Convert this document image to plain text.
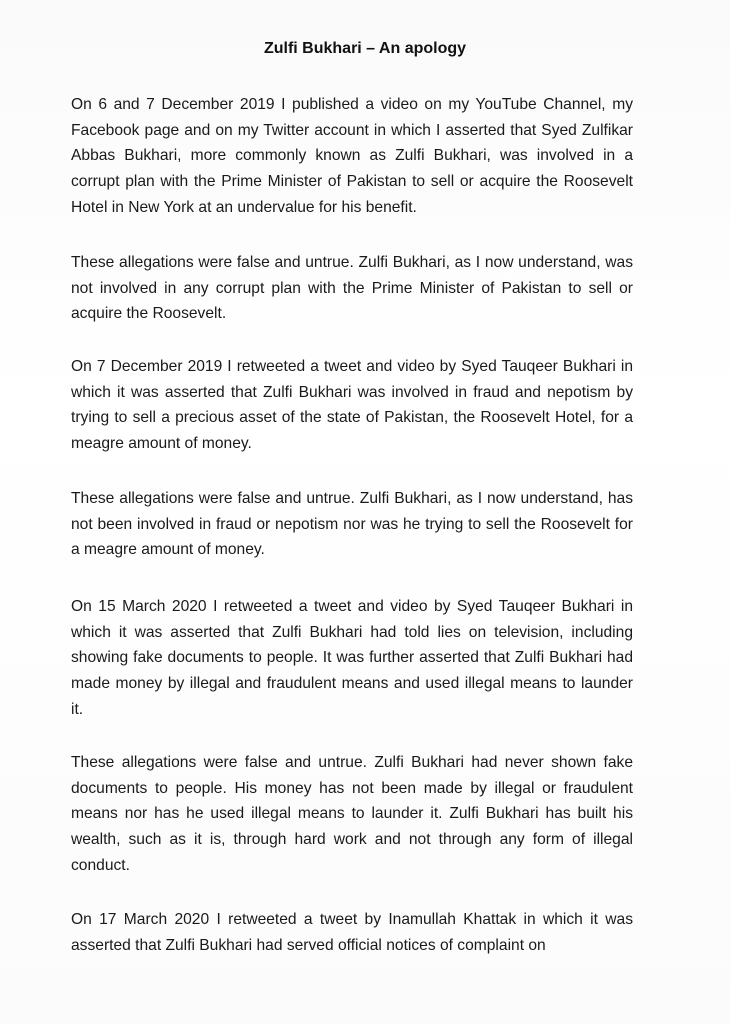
Zulfi Bukhari – An apology

On 6 and 7 December 2019 I published a video on my YouTube Channel, my Facebook page and on my Twitter account in which I asserted that Syed Zulfikar Abbas Bukhari, more commonly known as Zulfi Bukhari, was involved in a corrupt plan with the Prime Minister of Pakistan to sell or acquire the Roosevelt Hotel in New York at an undervalue for his benefit.

These allegations were false and untrue. Zulfi Bukhari, as I now understand, was not involved in any corrupt plan with the Prime Minister of Pakistan to sell or acquire the Roosevelt.

On 7 December 2019 I retweeted a tweet and video by Syed Tauqeer Bukhari in which it was asserted that Zulfi Bukhari was involved in fraud and nepotism by trying to sell a precious asset of the state of Pakistan, the Roosevelt Hotel, for a meagre amount of money.

These allegations were false and untrue. Zulfi Bukhari, as I now understand, has not been involved in fraud or nepotism nor was he trying to sell the Roosevelt for a meagre amount of money.

On 15 March 2020 I retweeted a tweet and video by Syed Tauqeer Bukhari in which it was asserted that Zulfi Bukhari had told lies on television, including showing fake documents to people. It was further asserted that Zulfi Bukhari had made money by illegal and fraudulent means and used illegal means to launder it.

These allegations were false and untrue. Zulfi Bukhari had never shown fake documents to people. His money has not been made by illegal or fraudulent means nor has he used illegal means to launder it. Zulfi Bukhari has built his wealth, such as it is, through hard work and not through any form of illegal conduct.

On 17 March 2020 I retweeted a tweet by Inamullah Khattak in which it was asserted that Zulfi Bukhari had served official notices of complaint on
